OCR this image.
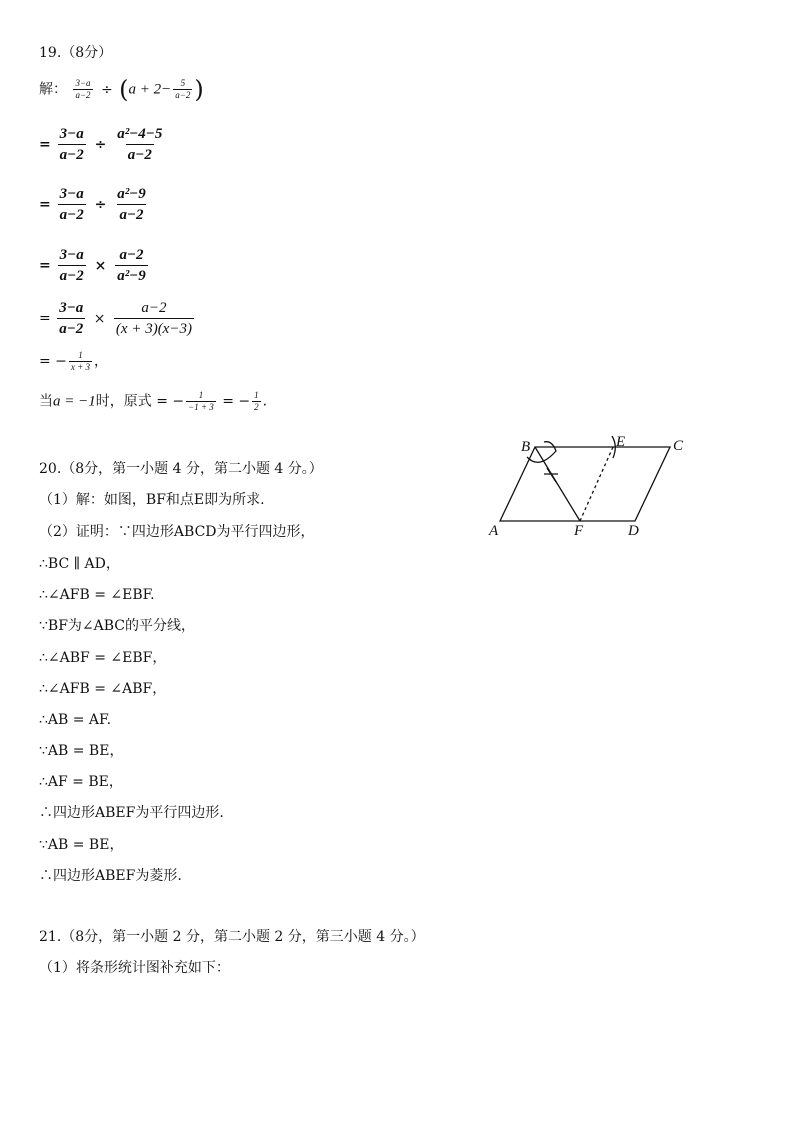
19.（8分）
解： $\frac{3-a}{a-2} \div (a + 2- \frac{5}{a-2}$ )
= $\frac{3-a}{a-2} \div \frac{\text{a²−4−5}}{a-2}$
= $\frac{3-a}{a-2} \div \frac{\text{a²−9}}{a-2}$
= $\frac{3-a}{a-2} \times \frac{a-2}{\text{a²−9}}$
= $\frac{3-a}{a-2} \times \frac{a-2}{(x + 3)(x-3)}$
= − $\frac{1}{x + 3}$ ，
当a = −1时，原式 = − $\frac{1}{-1 + 3}$ = − $\frac{1}{2}$ .
20.（8分，第一小题 4 分，第二小题 4 分。）
（1）解：如图，BF和点E即为所求.
（2）证明：∵四边形ABCD为平行四边形，
∴BC ∥ AD，
∴∠AFB = ∠EBF.
∵BF为∠ABC的平分线，
∴∠ABF = ∠EBF，
∴∠AFB = ∠ABF，
∴AB = AF.
∵AB = BE，
∴AF = BE，
∴四边形ABEF为平行四边形.
∵AB = BE，
∴四边形ABEF为菱形.
A
B	C
D
E
F
21.（8分，第一小题 2 分，第二小题 2 分，第三小题 4 分。）
（1）将条形统计图补充如下：
